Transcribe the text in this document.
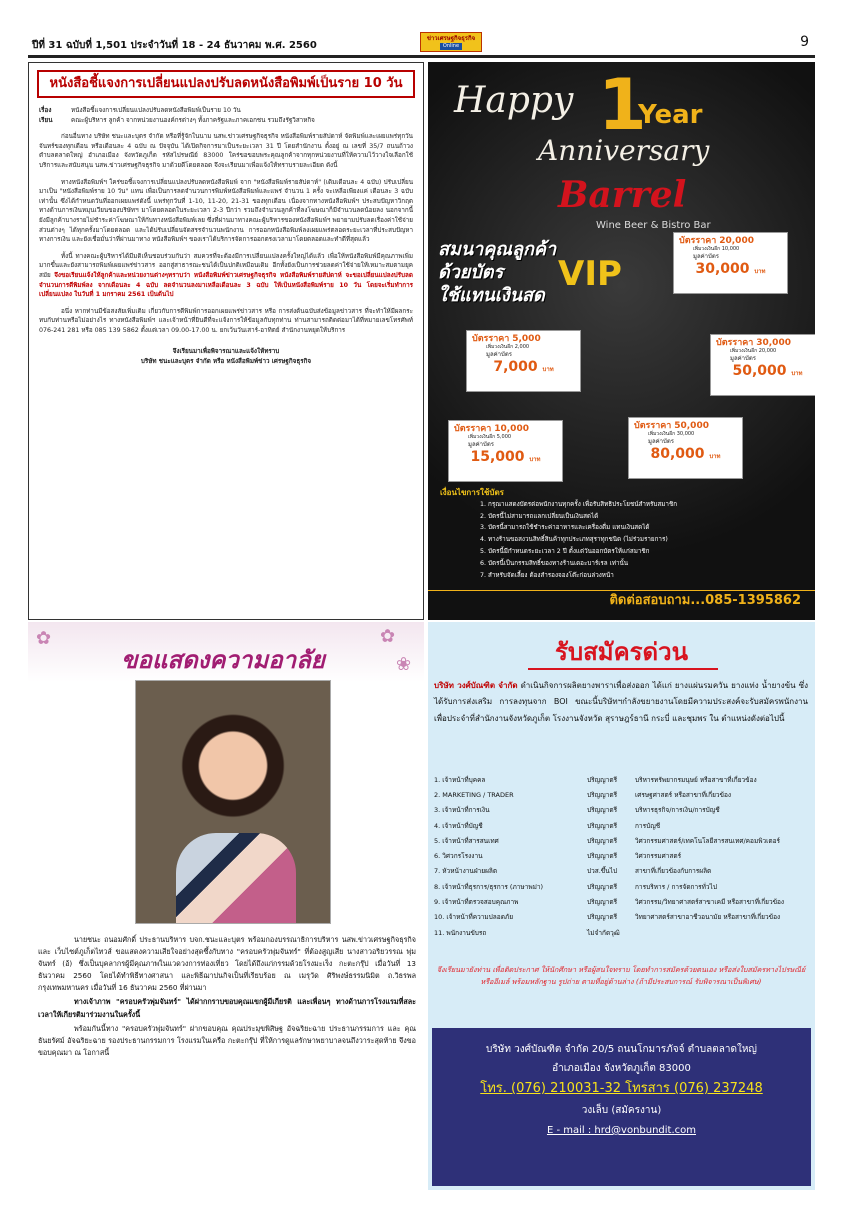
ปีที่ 31 ฉบับที่ 1,501 ประจำวันที่ 18 - 24 ธันวาคม พ.ศ. 2560
ข่าวเศรษฐกิจธุรกิจ
Online	9
หนังสือชี้แจงการเปลี่ยนแปลงปรับลดหนังสือพิมพ์เป็นราย 10 วัน
เรื่อง	หนังสือชี้แจงการเปลี่ยนแปลงปรับลดหนังสือพิมพ์เป็นราย 10 วัน
เรียน	คณะผู้บริหาร ลูกค้า จากหน่วยงานองค์กรต่างๆ ทั้งภาครัฐและภาคเอกชน รวมถึงรัฐวิสาหกิจ

ก่อนอื่นทาง บริษัท ชนะและบุตร จำกัด หรือที่รู้จักในนาม นสพ.ข่าวเศรษฐกิจธุรกิจ หนังสือพิมพ์รายสัปดาห์ จัดพิมพ์และเผยแพร่ทุกวันจันทร์ของทุกเดือน หรือเดือนละ 4 ฉบับ ณ ปัจจุบัน ได้เปิดกิจการมาเป็นระยะเวลา 31 ปี โดยสำนักงาน ตั้งอยู่ ณ เลขที่ 35/7 ถนนถ้าวง ตำบลตลาดใหญ่ อำเภอเมือง จังหวัดภูเก็ต รหัสไปรษณีย์ 83000 ใคร่ขอขอบพระคุณลูกค้าจากทุกหน่วยงานที่ให้ความไว้วางใจเลือกใช้บริการและสนับสนุน นสพ.ข่าวเศรษฐกิจธุรกิจ มาด้วยดีโดยตลอด จึงจะเรียนมาเพื่อแจ้งให้ทราบรายละเอียด ดังนี้

ทางหนังสือพิมพ์ฯ ใคร่ขอชี้แจงการเปลี่ยนแปลงปรับลดหนังสือพิมพ์ จาก "หนังสือพิมพ์รายสัปดาห์" (เดิมเดือนละ 4 ฉบับ) ปรับเปลี่ยนมาเป็น "หนังสือพิมพ์ราย 10 วัน" แทน เพื่อเป็นการลดจำนวนการพิมพ์หนังสือพิมพ์และแพร่ จำนวน 1 ครั้ง จะเหลือเพียงแค่ เดือนละ 3 ฉบับเท่านั้น ซึ่งได้กำหนดวันที่ออกเผยแพร่ดังนี้ แพร่ทุกวันที่ 1-10, 11-20, 21-31 ของทุกเดือน เนื่องจากทางหนังสือพิมพ์ฯ ประสบปัญหาวิกฤตทางด้านการเงินหมุนเวียนของบริษัทฯ มาโดยตลอดในระยะเวลา 2-3 ปีกว่า รวมถึงจำนวนลูกค้าที่ลงโฆษณาก็มีจำนวนลดน้อยลง นอกจากนี้ยังมีลูกค้าบางรายไม่ชำระค่าโฆษณาให้กับทางหนังสือพิมพ์เลย ซึ่งที่ผ่านมาทางคณะผู้บริหารของหนังสือพิมพ์ฯ พยายามปรับลดเรื่องค่าใช้จ่ายส่วนต่างๆ ได้ทุกครั้งมาโดยตลอด และได้ปรับเปลี่ยนจัดสรรจำนวนพนักงาน การออกหนังสือพิมพ์ลงเผยแพร่ตลอดระยะเวลาที่ประสบปัญหาทางการเงิน และยังเชื่อมั่นว่าที่ผ่านมาทาง หนังสือพิมพ์ฯ ของเราได้บริการจัดการออกตรงเวลามาโดยตลอดและทำดีที่สุดแล้ว

ทั้งนี้ ทางคณะผู้บริหารได้มีมติเห็นชอบร่วมกันว่า สมควรที่จะต้องมีการเปลี่ยนแปลงครั้งใหญ่ได้แล้ว เพื่อให้หนังสือพิมพ์มีคุณภาพเพิ่มมากขึ้นและยังสามารถพิมพ์เผยแพร่ข่าวสาร ออกสู่สาธารณะชนได้เป็นปกติเหมือนเดิม อีกทั้งยังเป็นการช่วยลดค่าใช้จ่ายให้เหมาะสมตามยุคสมัย จึงขอเรียนแจ้งให้ลูกค้าและหน่วยงานต่างๆทราบว่า หนังสือพิมพ์ข่าวเศรษฐกิจธุรกิจ หนังสือพิมพ์รายสัปดาห์ จะขอเปลี่ยนแปลงปรับลดจำนวนการตีพิมพ์ลง จากเดือนละ 4 ฉบับ ลดจำนวนลงมาเหลือเดือนละ 3 ฉบับ ให้เป็นหนังสือพิมพ์ราย 10 วัน โดยจะเริ่มทำการเปลี่ยนแปลง ในวันที่ 1 มกราคม 2561 เป็นต้นไป

อนึ่ง หากท่านมีข้อสงสัยเพิ่มเติม เกี่ยวกับการตีพิมพ์การออกเผยแพร่ข่าวสาร หรือ การส่งต้นฉบับส่งข้อมูลข่าวสาร ที่จะทำให้มีผลกระทบกับท่านหรือไม่อย่างไร ทางหนังสือพิมพ์ฯ และเจ้าหน้าที่ยินดีที่จะแจ้งการให้ข้อมูลกับทุกท่าน ท่านสามารถติดต่อมาได้ที่หมายเลขโทรศัพท์ 076-241 281 หรือ 085 139 5862 ตั้งแต่เวลา 09.00-17.00 น. ยกเว้นวันเสาร์-อาทิตย์ สำนักงานหยุดให้บริการ

จึงเรียนมาเพื่อพิจารณาและแจ้งให้ทราบ
บริษัท ชนะและบุตร จำกัด หรือ หนังสือพิมพ์ข่าว เศรษฐกิจธุรกิจ
Happy 1
Year
Anniversary
Barrel
Wine Beer & Bistro Bar
สมนาคุณลูกค้า
ด้วยบัตร
ใช้แทนเงินสด
VIP
บัตรราคา 20,000
เพิ่มวงเงินอีก 10,000
มูลค่าบัตร
30,000 บาท
บัตรราคา 5,000
เพิ่มวงเงินอีก 2,000
มูลค่าบัตร
7,000 บาท
บัตรราคา 30,000
เพิ่มวงเงินอีก 20,000
มูลค่าบัตร
50,000 บาท
บัตรราคา 10,000
เพิ่มวงเงินอีก 5,000
มูลค่าบัตร
15,000 บาท
บัตรราคา 50,000
เพิ่มวงเงินอีก 30,000
มูลค่าบัตร
80,000 บาท
เงื่อนไขการใช้บัตร
1. กรุณาแสดงบัตรต่อพนักงานทุกครั้ง เพื่อรับสิทธิประโยชน์สำหรับสมาชิก
2. บัตรนี้ไม่สามารถแลกเปลี่ยนเป็นเงินสดได้
3. บัตรนี้สามารถใช้ชำระค่าอาหารและเครื่องดื่ม แทนเงินสดได้
4. ทางร้านขอสงวนสิทธิ์สินค้าทุกประเภทสุราทุกชนิด (ไม่ร่วมรายการ)
5. บัตรนี้มีกำหนดระยะเวลา 2 ปี ตั้งแต่วันออกบัตรให้แก่สมาชิก
6. บัตรนี้เป็นกรรมสิทธิ์ของทางร้านเดอะบาร์เรล เท่านั้น
7. สำหรับจัดเลี้ยง ต้องสำรองจองโต๊ะก่อนล่วงหน้า
ติดต่อสอบถาม...085-1395862
✿	✿
❀
ขอแสดงความอาลัย

นายชนะ ถนอมศักดิ์ ประธานบริหาร บจก.ชนะและบุตร พร้อมกองบรรณาธิการบริหาร นสพ.ข่าวเศรษฐกิจธุรกิจ และ เว็บไซต์ภูเก็ตไทวส์ ขอแสดงความเสียใจอย่างสุดซึ้งกับทาง "ครอบครัวพุ่มจันทร์" ที่ต้องสูญเสีย นางสาวอริยวรรณ พุ่มจันทร์ (อ้) ซึ่งเป็นบุคลากรผู้มีคุณภาพในแวดวงการท่องเที่ยว โดยได้ถึงแก่กรรมด้วยโรงมะเร็ง กะตะกรุ๊ป เมื่อวันที่ 13 ธันวาคม 2560 โดยได้ทำพิธีทางศาสนา และพิธีฌาปนกิจเป็นที่เรียบร้อย ณ เมรุวัด ศิริพงษ์ธรรมนิมิต ถ.วิธรพล กรุงเทพมหานคร เมื่อวันที่ 16 ธันวาคม 2560 ที่ผ่านมา

ทางเจ้าภาพ "ครอบครัวพุ่มจันทร์" ได้ฝากกราบขอบคุณแขกผู้มีเกียรติ และเพื่อนๆ ทางด้านการโรงแรมที่สละเวลาให้เกียรติมาร่วมงานในครั้งนี้

พร้อมกันนี้ทาง "ครอบครัวพุ่มจันทร์" ฝากขอบคุณ คุณประมุขพิสิษฐ อัจฉริยะฉาย ประธานกรรมการ และ คุณธันยรัศม์ อัจฉริยะฉาย รองประธานกรรมการ โรงแรมในเครือ กะตะกรุ๊ป ที่ให้การดูแลรักษาพยาบาลจนถึงวาระสุดท้าย จึงขอขอบคุณมา ณ โอกาสนี้

รับสมัครด่วน
บริษัท วงศ์บัณฑิต จำกัด ดำเนินกิจการผลิตยางพาราเพื่อส่งออก ได้แก่ ยางแผ่นรมควัน ยางแท่ง น้ำยางข้น ซึ่งได้รับการส่งเสริม การลงทุนจาก BOI ขณะนี้บริษัทฯกำลังขยายงานโดยมีความประสงค์จะรับสมัครพนักงาน เพื่อประจำที่สำนักงานจังหวัดภูเก็ต โรงงานจังหวัด สุราษฎร์ธานี กระบี่ และชุมพร ใน ตำแหน่งดังต่อไปนี้
1. เจ้าหน้าที่บุคคล	ปริญญาตรี	บริหารทรัพยากรมนุษย์ หรือสาขาที่เกี่ยวข้อง
2. MARKETING / TRADER	ปริญญาตรี	เศรษฐศาสตร์ หรือสาขาที่เกี่ยวข้อง
3. เจ้าหน้าที่การเงิน	ปริญญาตรี	บริหารธุรกิจ/การเงิน/การบัญชี
4. เจ้าหน้าที่บัญชี	ปริญญาตรี	การบัญชี
5. เจ้าหน้าที่สารสนเทศ	ปริญญาตรี	วิศวกรรมศาสตร์/เทคโนโลยีสารสนเทศ/คอมพิวเตอร์
6. วิศวกรโรงงาน	ปริญญาตรี	วิศวกรรมศาสตร์
7. หัวหน้างานฝ่ายผลิต	ปวส.ขึ้นไป	สาขาที่เกี่ยวข้องกับการผลิต
8. เจ้าหน้าที่ธุรการ/ธุรการ (ภาษาพม่า)	ปริญญาตรี	การบริหาร / การจัดการทั่วไป
9. เจ้าหน้าที่ตรวจสอบคุณภาพ	ปริญญาตรี	วิศวกรรม/วิทยาศาสตร์สาขาเคมี หรือสาขาที่เกี่ยวข้อง
10. เจ้าหน้าที่ความปลอดภัย	ปริญญาตรี	วิทยาศาสตร์สาขาอาชีวอนามัย หรือสาขาที่เกี่ยวข้อง
11. พนักงานขับรถ	ไม่จำกัดวุฒิ
จึงเรียนมายังท่าน เพื่อติดประกาศ ให้นักศึกษา หรือผู้สนใจทราบ โดยทำการสมัครด้วยตนเอง หรือส่งใบสมัครทางไปรษณีย์ หรืออีเมล์ พร้อมหลักฐาน รูปถ่าย ตามที่อยู่ด้านล่าง (ถ้ามีประสบการณ์ รับพิจารณาเป็นพิเศษ)
บริษัท วงศ์บัณฑิต จำกัด 20/5 ถนนโกมารภัจจ์ ตำบลตลาดใหญ่
อำเภอเมือง จังหวัดภูเก็ต 83000
โทร. (076) 210031-32 โทรสาร (076) 237248
วงเล็บ (สมัครงาน)
E - mail : hrd@vonbundit.com
